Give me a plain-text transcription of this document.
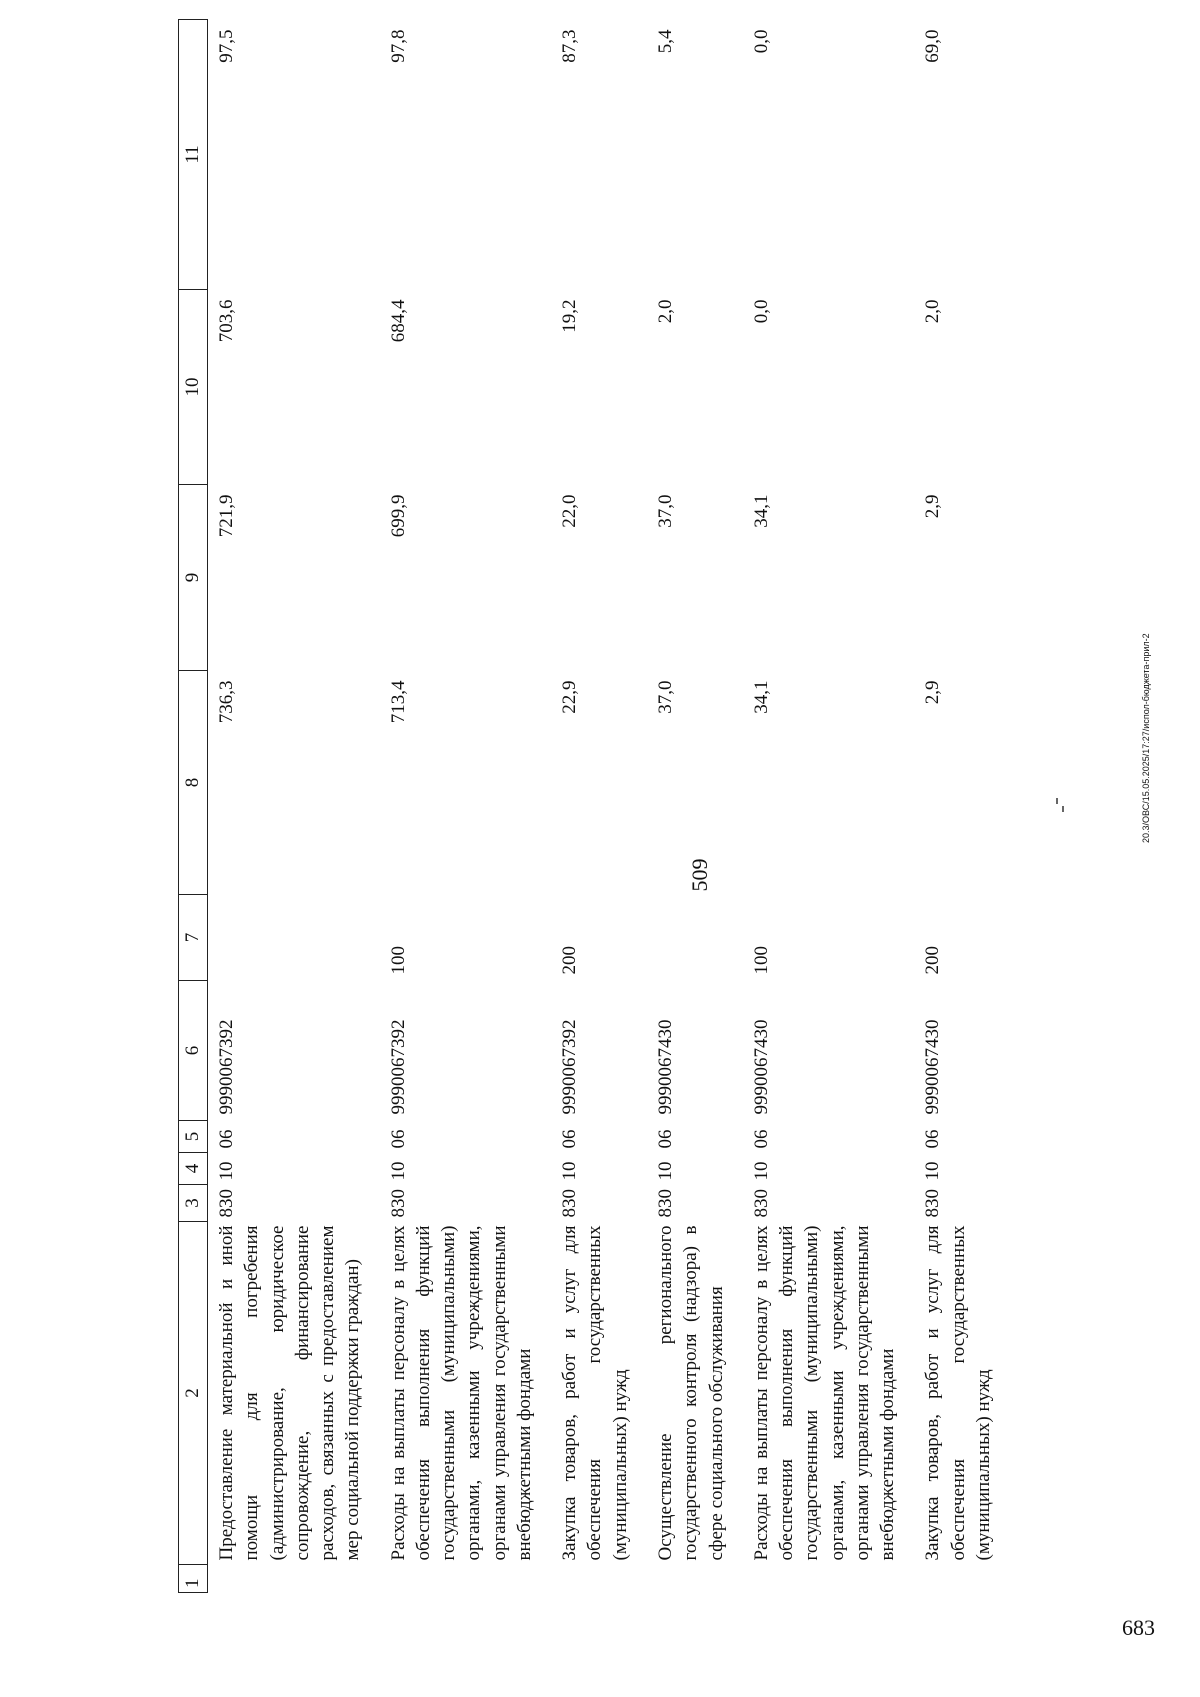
509
1	2	3	4	5	6	7	8	9	10	11
	Предоставление материальной и иной помощи для погребения (администрирование, юридическое сопровождение, финансирование расходов, связанных с предоставлением мер социальной поддержки граждан)	830	10	06	9990067392		736,3	721,9	703,6	97,5
	Расходы на выплаты персоналу в целях обеспечения выполнения функций государственными (муниципальными) органами, казенными учреждениями, органами управления государственными внебюджетными фондами	830	10	06	9990067392	100	713,4	699,9	684,4	97,8
	Закупка товаров, работ и услуг для обеспечения государственных (муниципальных) нужд	830	10	06	9990067392	200	22,9	22,0	19,2	87,3
	Осуществление регионального государственного контроля (надзора) в сфере социального обслуживания	830	10	06	9990067430		37,0	37,0	2,0	5,4
	Расходы на выплаты персоналу в целях обеспечения выполнения функций государственными (муниципальными) органами, казенными учреждениями, органами управления государственными внебюджетными фондами	830	10	06	9990067430	100	34,1	34,1	0,0	0,0
	Закупка товаров, работ и услуг для обеспечения государственных (муниципальных) нужд	830	10	06	9990067430	200	2,9	2,9	2,0	69,0
20.3/ОВС/15.05.2025/17:27/испол-бюджета-прил-2
683
